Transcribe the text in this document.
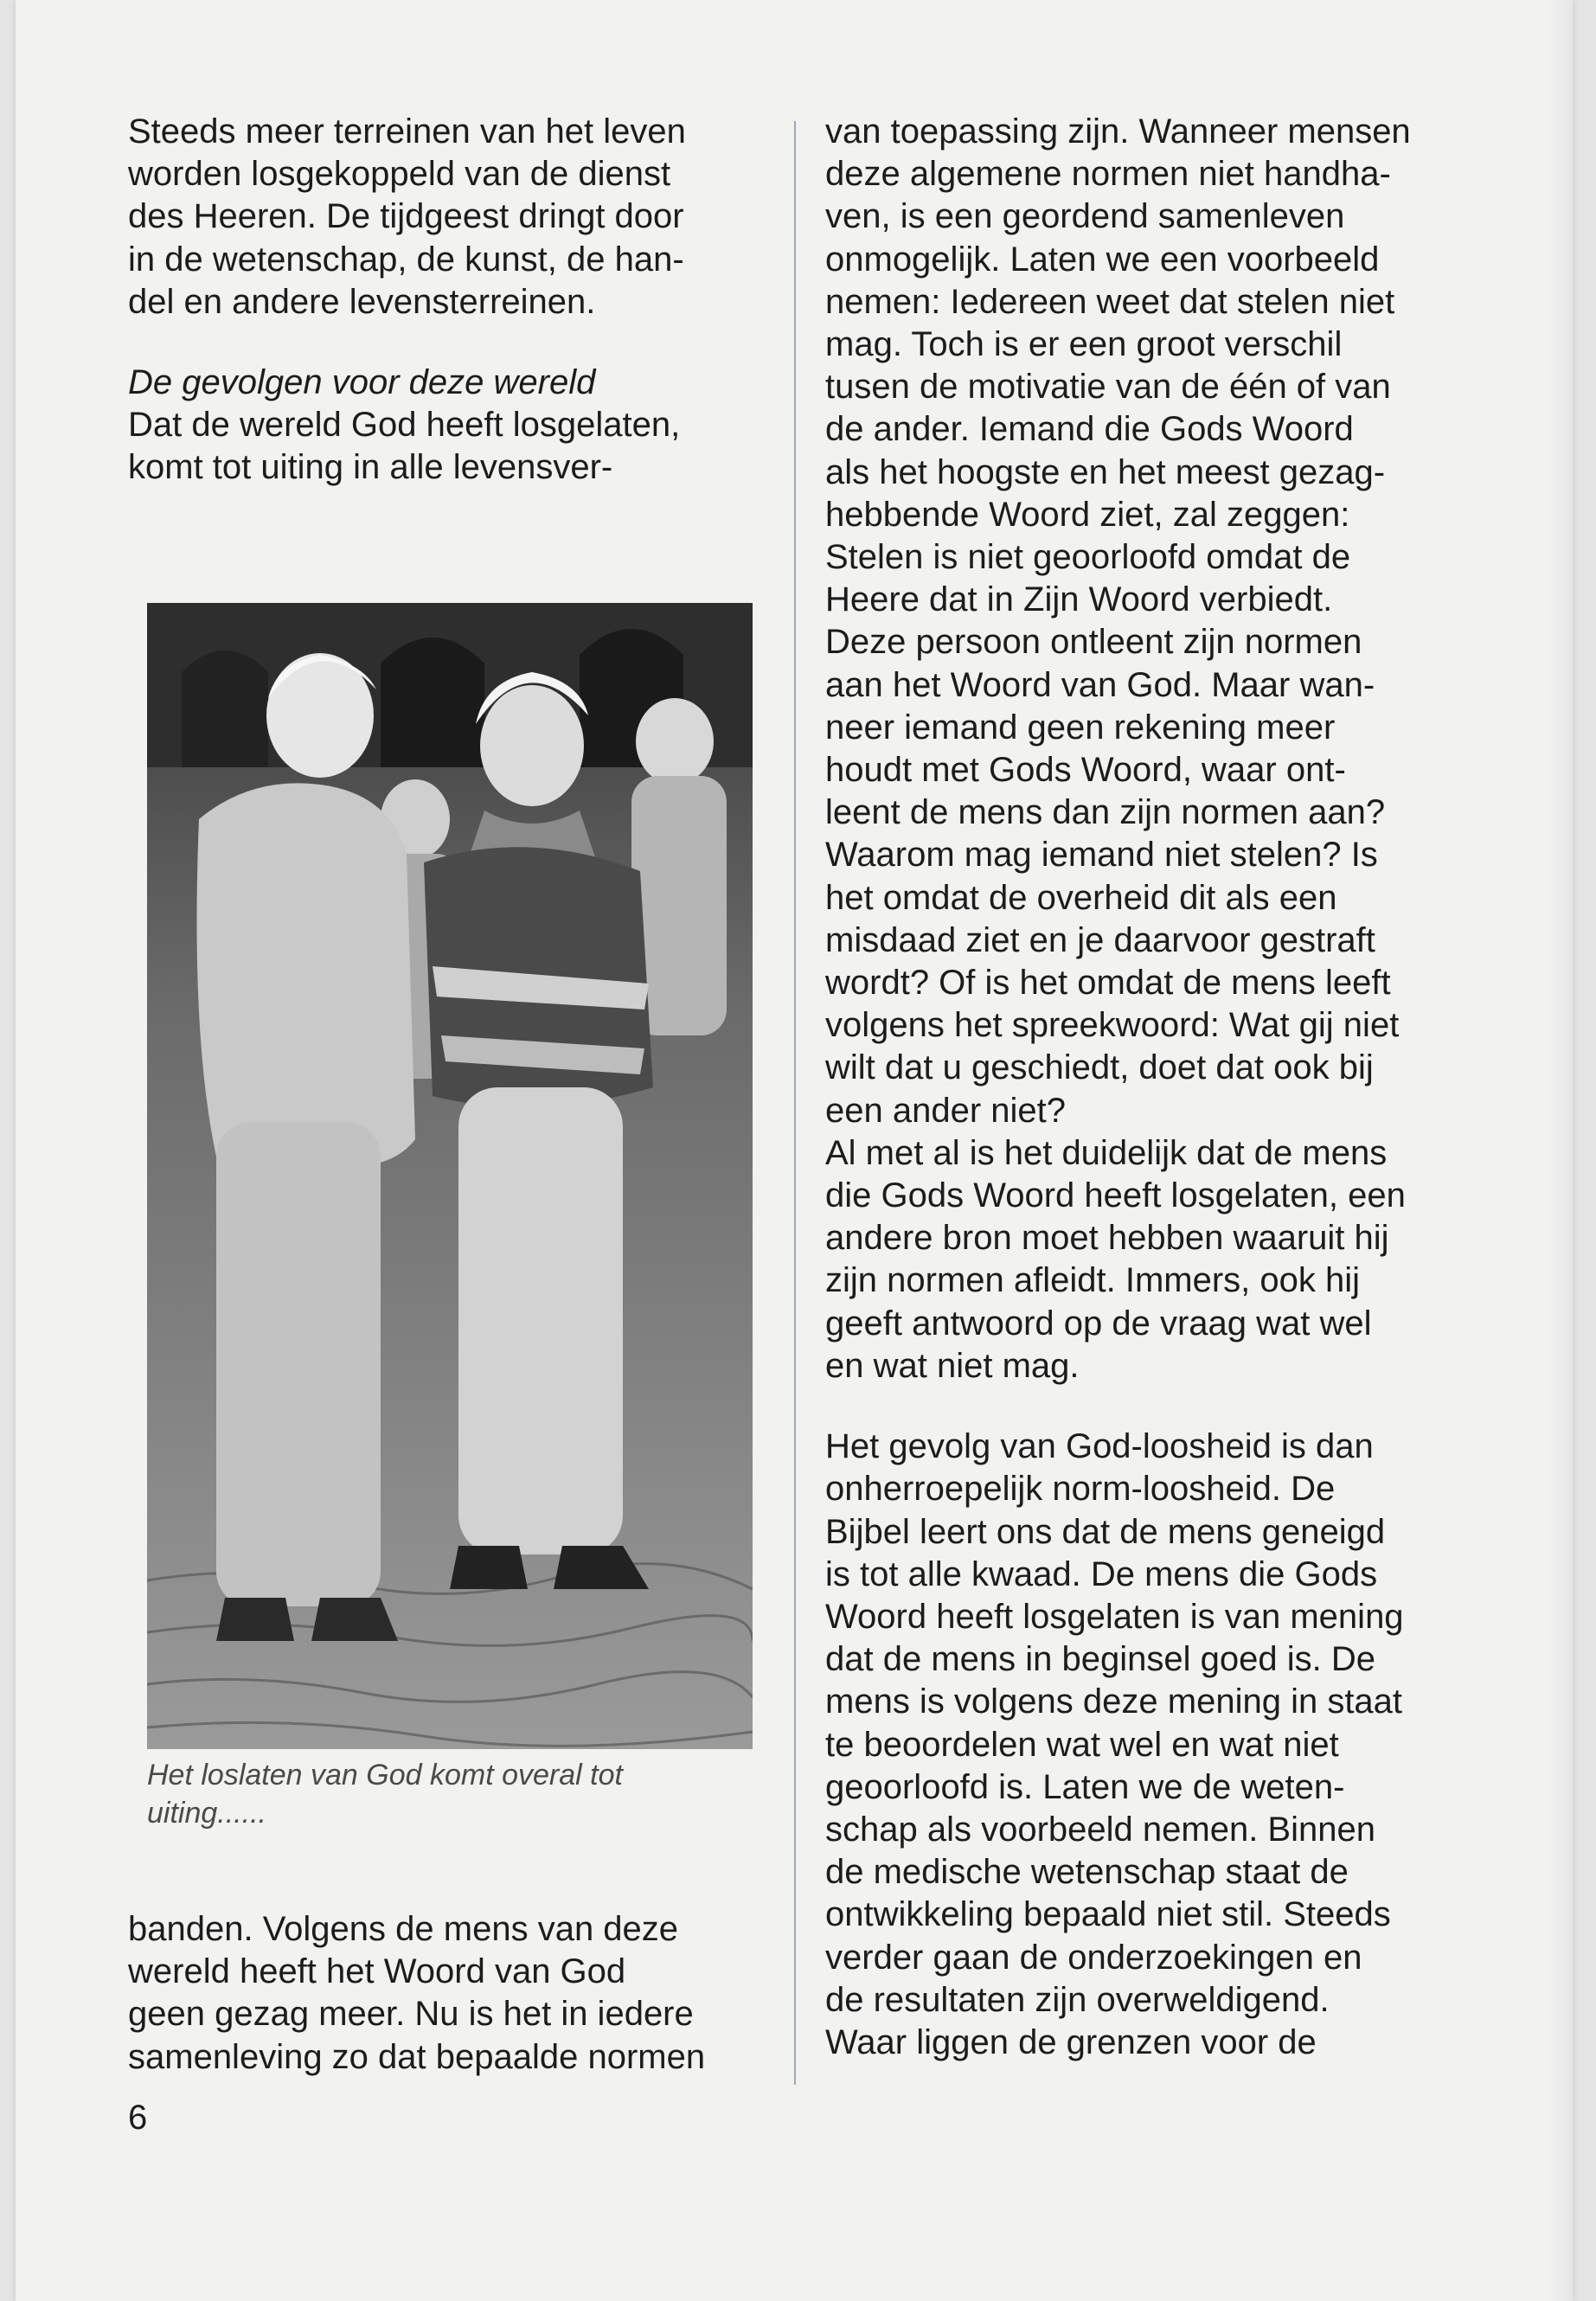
Steeds meer terreinen van het leven
worden losgekoppeld van de dienst
des Heeren. De tijdgeest dringt door
in de wetenschap, de kunst, de han-
del en andere levensterreinen.

De gevolgen voor deze wereld

Dat de wereld God heeft losgelaten,
komt tot uiting in alle levensver-

Het loslaten van God komt overal tot
uiting......

banden. Volgens de mens van deze
wereld heeft het Woord van God
geen gezag meer. Nu is het in iedere
samenleving zo dat bepaalde normen

van toepassing zijn. Wanneer mensen
deze algemene normen niet handha-
ven, is een geordend samenleven
onmogelijk. Laten we een voorbeeld
nemen: Iedereen weet dat stelen niet
mag. Toch is er een groot verschil
tusen de motivatie van de één of van
de ander. Iemand die Gods Woord
als het hoogste en het meest gezag-
hebbende Woord ziet, zal zeggen:
Stelen is niet geoorloofd omdat de
Heere dat in Zijn Woord verbiedt.
Deze persoon ontleent zijn normen
aan het Woord van God. Maar wan-
neer iemand geen rekening meer
houdt met Gods Woord, waar ont-
leent de mens dan zijn normen aan?
Waarom mag iemand niet stelen? Is
het omdat de overheid dit als een
misdaad ziet en je daarvoor gestraft
wordt? Of is het omdat de mens leeft
volgens het spreekwoord: Wat gij niet
wilt dat u geschiedt, doet dat ook bij
een ander niet?
Al met al is het duidelijk dat de mens
die Gods Woord heeft losgelaten, een
andere bron moet hebben waaruit hij
zijn normen afleidt. Immers, ook hij
geeft antwoord op de vraag wat wel
en wat niet mag.

Het gevolg van God-loosheid is dan
onherroepelijk norm-loosheid. De
Bijbel leert ons dat de mens geneigd
is tot alle kwaad. De mens die Gods
Woord heeft losgelaten is van mening
dat de mens in beginsel goed is. De
mens is volgens deze mening in staat
te beoordelen wat wel en wat niet
geoorloofd is. Laten we de weten-
schap als voorbeeld nemen. Binnen
de medische wetenschap staat de
ontwikkeling bepaald niet stil. Steeds
verder gaan de onderzoekingen en
de resultaten zijn overweldigend.
Waar liggen de grenzen voor de

6
